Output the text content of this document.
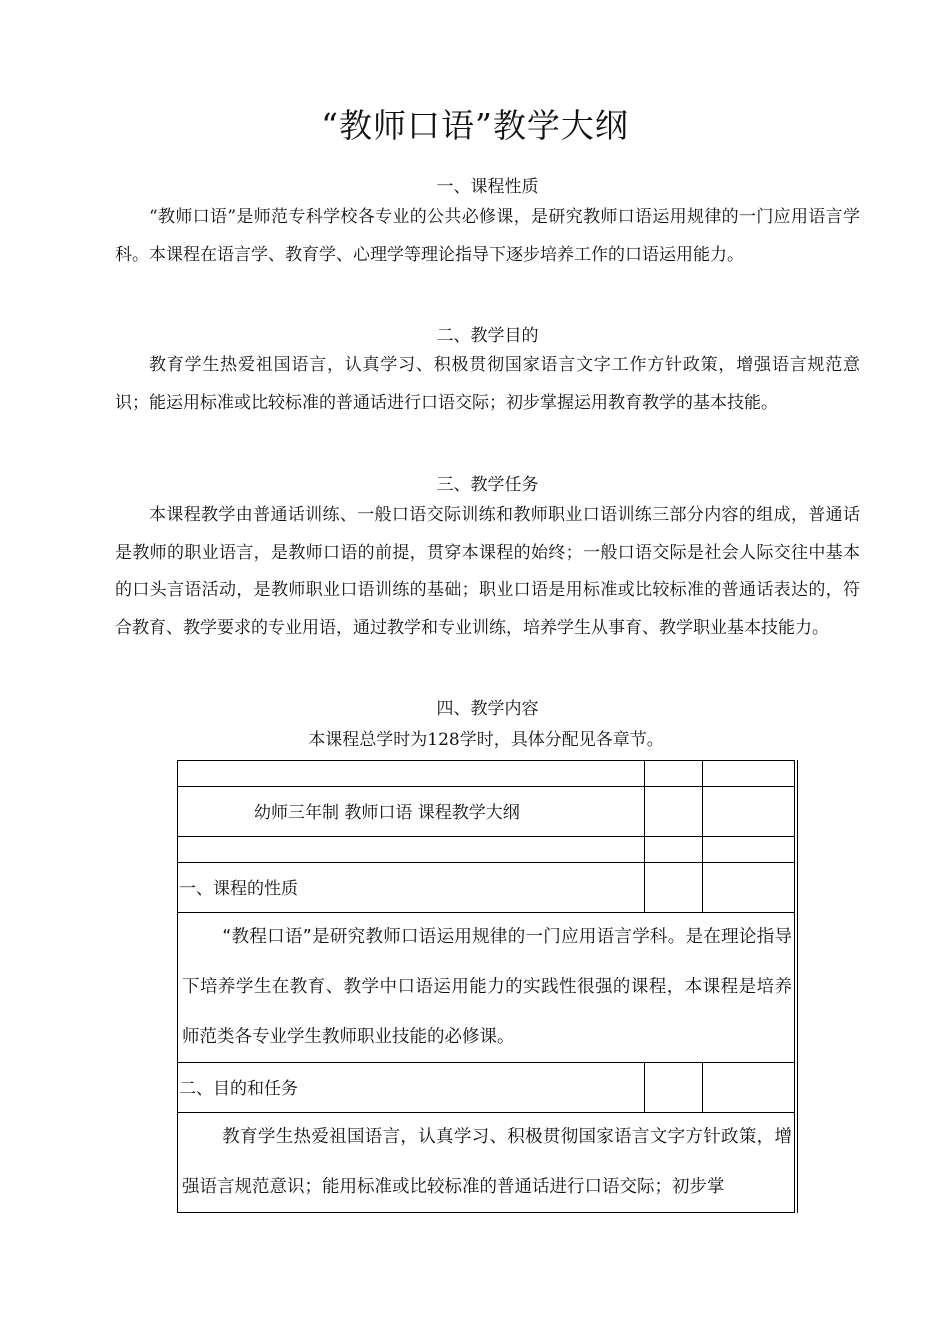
“教师口语”教学大纲
一、课程性质
“教师口语”是师范专科学校各专业的公共必修课，是研究教师口语运用规律的一门应用语言学科。本课程在语言学、教育学、心理学等理论指导下逐步培养工作的口语运用能力。
二、教学目的
教育学生热爱祖国语言，认真学习、积极贯彻国家语言文字工作方针政策，增强语言规范意识；能运用标准或比较标准的普通话进行口语交际；初步掌握运用教育教学的基本技能。
三、教学任务
本课程教学由普通话训练、一般口语交际训练和教师职业口语训练三部分内容的组成，普通话是教师的职业语言，是教师口语的前提，贯穿本课程的始终；一般口语交际是社会人际交往中基本的口头言语活动，是教师职业口语训练的基础；职业口语是用标准或比较标准的普通话表达的，符合教育、教学要求的专业用语，通过教学和专业训练，培养学生从事育、教学职业基本技能力。
四、教学内容
本课程总学时为128学时，具体分配见各章节。
幼师三年制 教师口语 课程教学大纲
一、课程的性质
“教程口语”是研究教师口语运用规律的一门应用语言学科。是在理论指导下培养学生在教育、教学中口语运用能力的实践性很强的课程，本课程是培养师范类各专业学生教师职业技能的必修课。
二、目的和任务
教育学生热爱祖国语言，认真学习、积极贯彻国家语言文字方针政策，增强语言规范意识；能用标准或比较标准的普通话进行口语交际；初步掌
